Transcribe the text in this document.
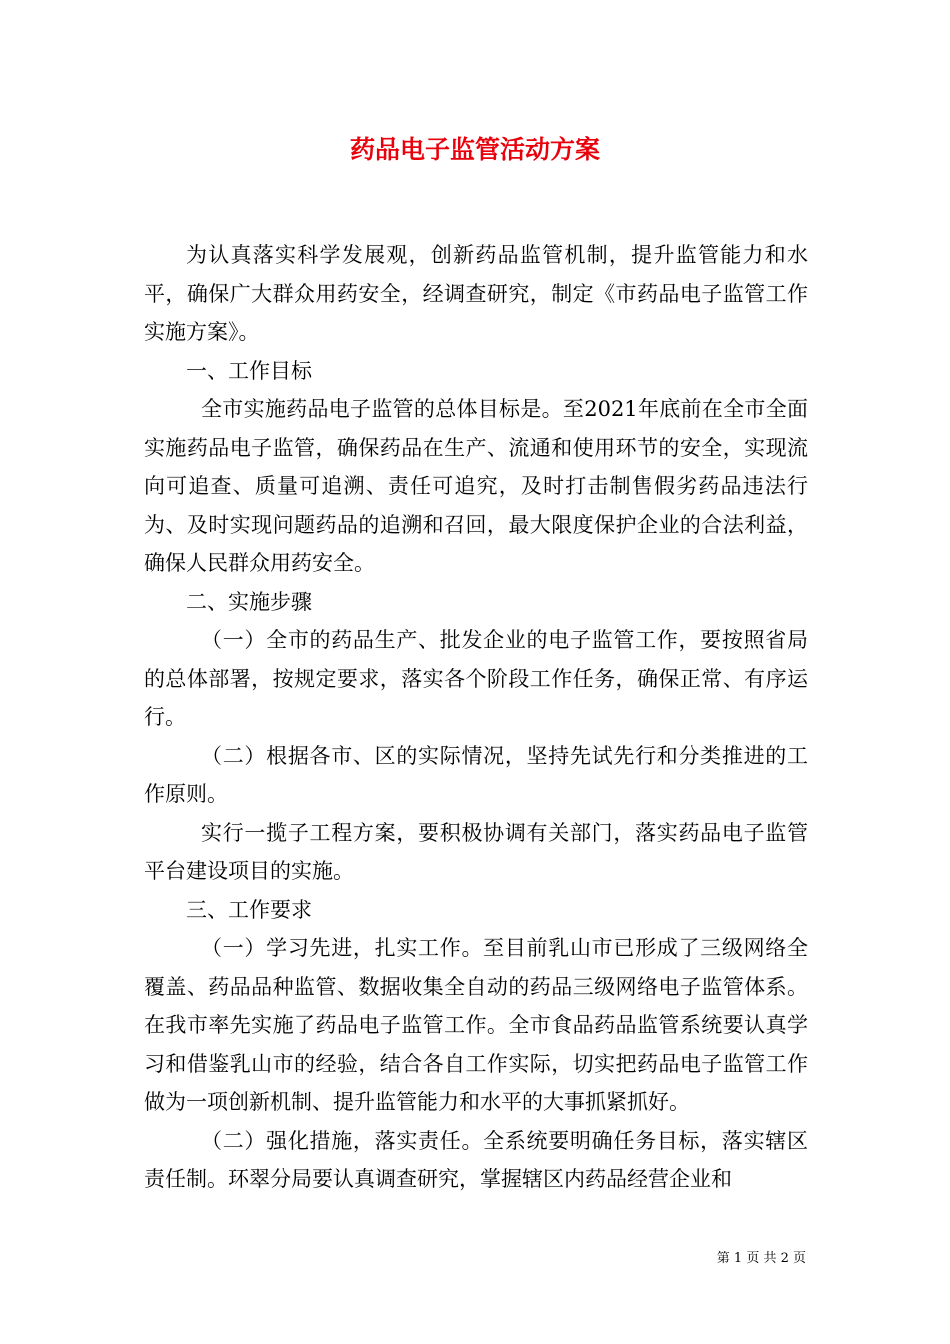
药品电子监管活动方案

为认真落实科学发展观，创新药品监管机制，提升监管能力和水平，确保广大群众用药安全，经调查研究，制定《市药品电子监管工作实施方案》。

一、工作目标

全市实施药品电子监管的总体目标是。至2021年底前在全市全面实施药品电子监管，确保药品在生产、流通和使用环节的安全，实现流向可追查、质量可追溯、责任可追究，及时打击制售假劣药品违法行为、及时实现问题药品的追溯和召回，最大限度保护企业的合法利益，确保人民群众用药安全。

二、实施步骤

（一）全市的药品生产、批发企业的电子监管工作，要按照省局的总体部署，按规定要求，落实各个阶段工作任务，确保正常、有序运行。

（二）根据各市、区的实际情况，坚持先试先行和分类推进的工作原则。

实行一揽子工程方案，要积极协调有关部门，落实药品电子监管平台建设项目的实施。

三、工作要求

（一）学习先进，扎实工作。至目前乳山市已形成了三级网络全覆盖、药品品种监管、数据收集全自动的药品三级网络电子监管体系。在我市率先实施了药品电子监管工作。全市食品药品监管系统要认真学习和借鉴乳山市的经验，结合各自工作实际，切实把药品电子监管工作做为一项创新机制、提升监管能力和水平的大事抓紧抓好。

（二）强化措施，落实责任。全系统要明确任务目标，落实辖区责任制。环翠分局要认真调查研究，掌握辖区内药品经营企业和

第 1 页 共 2 页
